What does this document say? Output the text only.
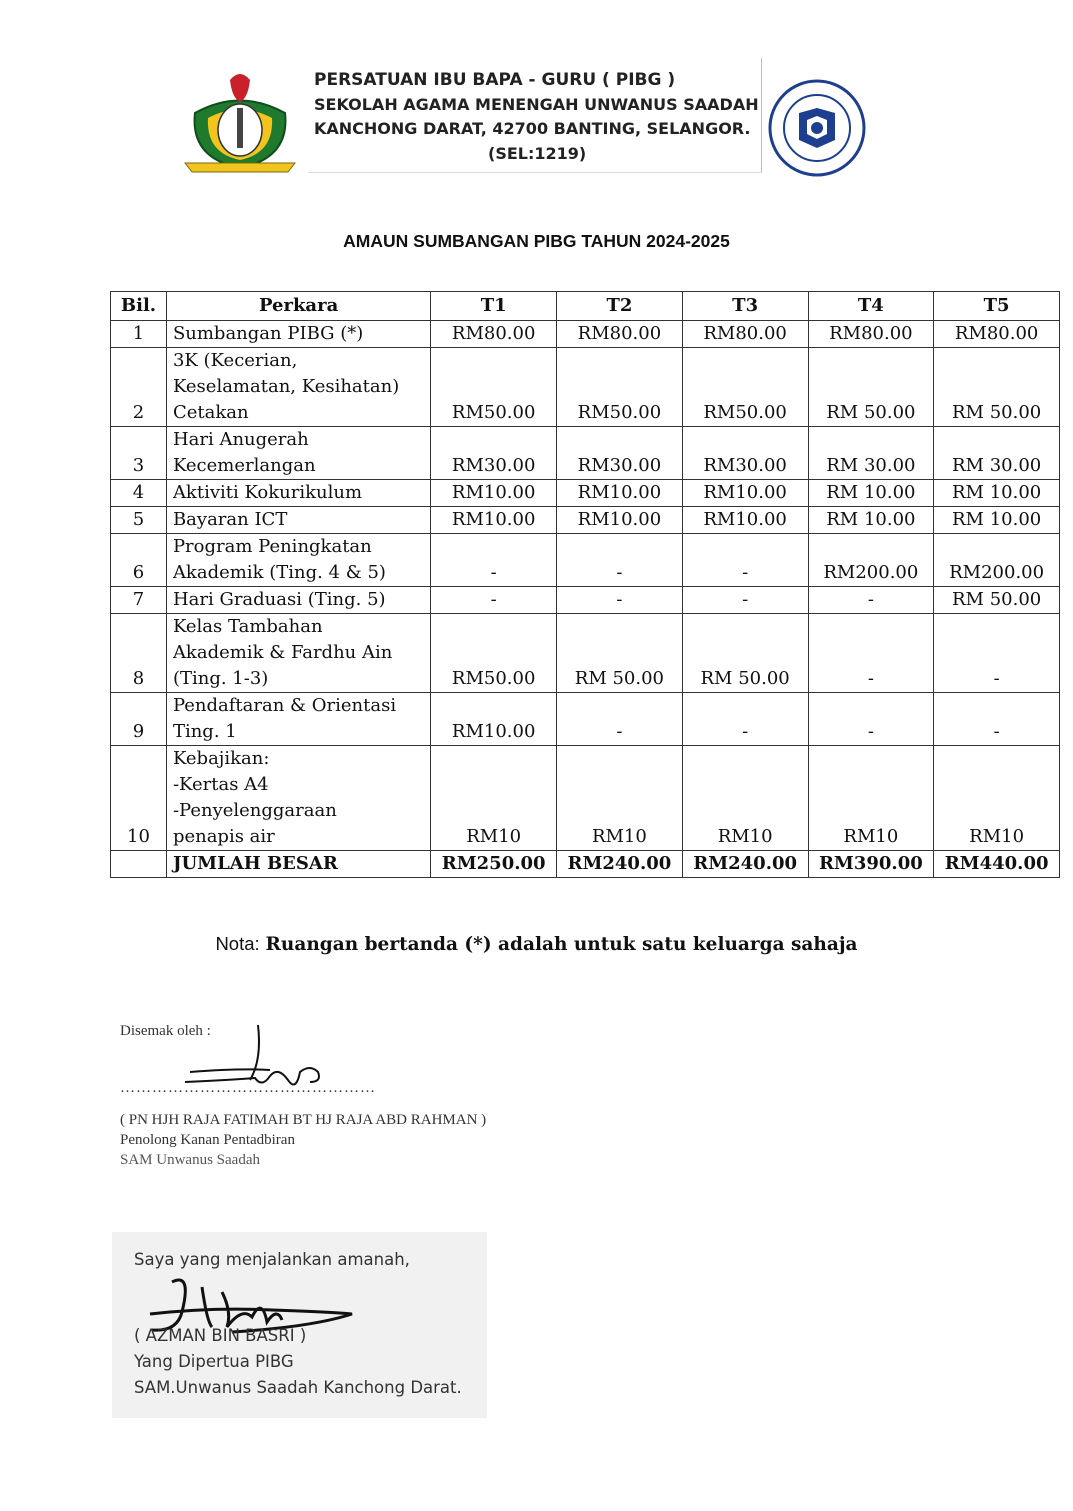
PERSATUAN IBU BAPA - GURU ( PIBG )
SEKOLAH AGAMA MENENGAH UNWANUS SAADAH
KANCHONG DARAT, 42700 BANTING, SELANGOR.
(SEL:1219)
AMAUN SUMBANGAN PIBG TAHUN 2024-2025
Bil.	Perkara	T1	T2	T3	T4	T5
1	Sumbangan PIBG (*)	RM80.00	RM80.00	RM80.00	RM80.00	RM80.00
2	3K (Kecerian,
Keselamatan, Kesihatan)
Cetakan	RM50.00	RM50.00	RM50.00	RM 50.00	RM 50.00
3	Hari Anugerah
Kecemerlangan	RM30.00	RM30.00	RM30.00	RM 30.00	RM 30.00
4	Aktiviti Kokurikulum	RM10.00	RM10.00	RM10.00	RM 10.00	RM 10.00
5	Bayaran ICT	RM10.00	RM10.00	RM10.00	RM 10.00	RM 10.00
6	Program Peningkatan
Akademik (Ting. 4 & 5)	-	-	-	RM200.00	RM200.00
7	Hari Graduasi (Ting. 5)	-	-	-	-	RM 50.00
8	Kelas Tambahan
Akademik & Fardhu Ain
(Ting. 1-3)	RM50.00	RM 50.00	RM 50.00	-	-
9	Pendaftaran & Orientasi
Ting. 1	RM10.00	-	-	-	-
10	Kebajikan:
-Kertas A4
-Penyelenggaraan
penapis air	RM10	RM10	RM10	RM10	RM10
	JUMLAH BESAR	RM250.00	RM240.00	RM240.00	RM390.00	RM440.00
Nota: Ruangan bertanda (*) adalah untuk satu keluarga sahaja
Disemak oleh :
…………………………………………
( PN HJH RAJA FATIMAH BT HJ RAJA ABD RAHMAN )
Penolong Kanan Pentadbiran
SAM Unwanus Saadah
Saya yang menjalankan amanah,
( AZMAN BIN BASRI )
Yang Dipertua PIBG
SAM.Unwanus Saadah Kanchong Darat.
